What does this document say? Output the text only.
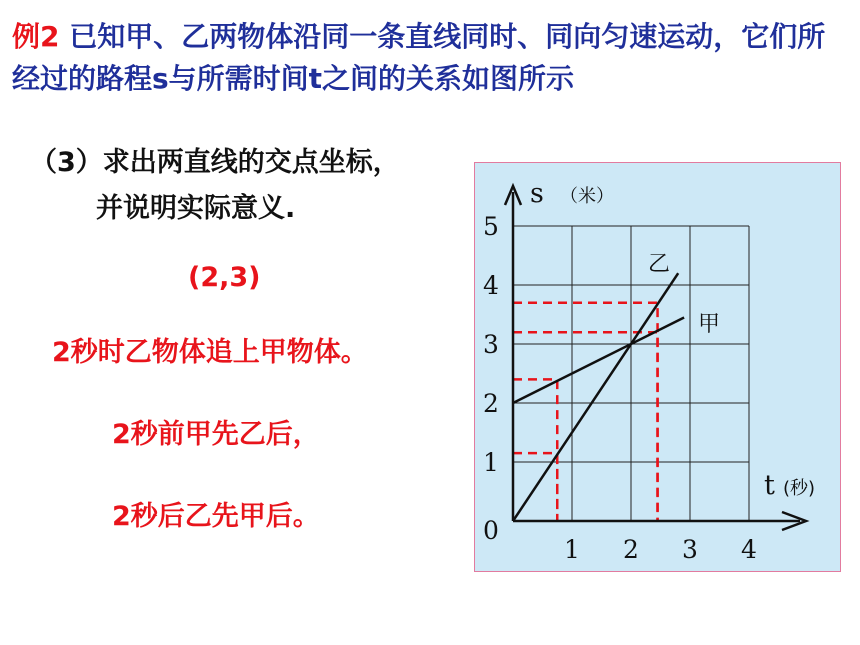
例2 已知甲、乙两物体沿同一条直线同时、同向匀速运动，它们所经过的路程s与所需时间t之间的关系如图所示
（3）求出两直线的交点坐标，
并说明实际意义.
(2,3)
2秒时乙物体追上甲物体。
2秒前甲先乙后，
2秒后乙先甲后。
1 2 3 4
1
2
3
4
5
0
s （米）
t (秒)
甲
乙
